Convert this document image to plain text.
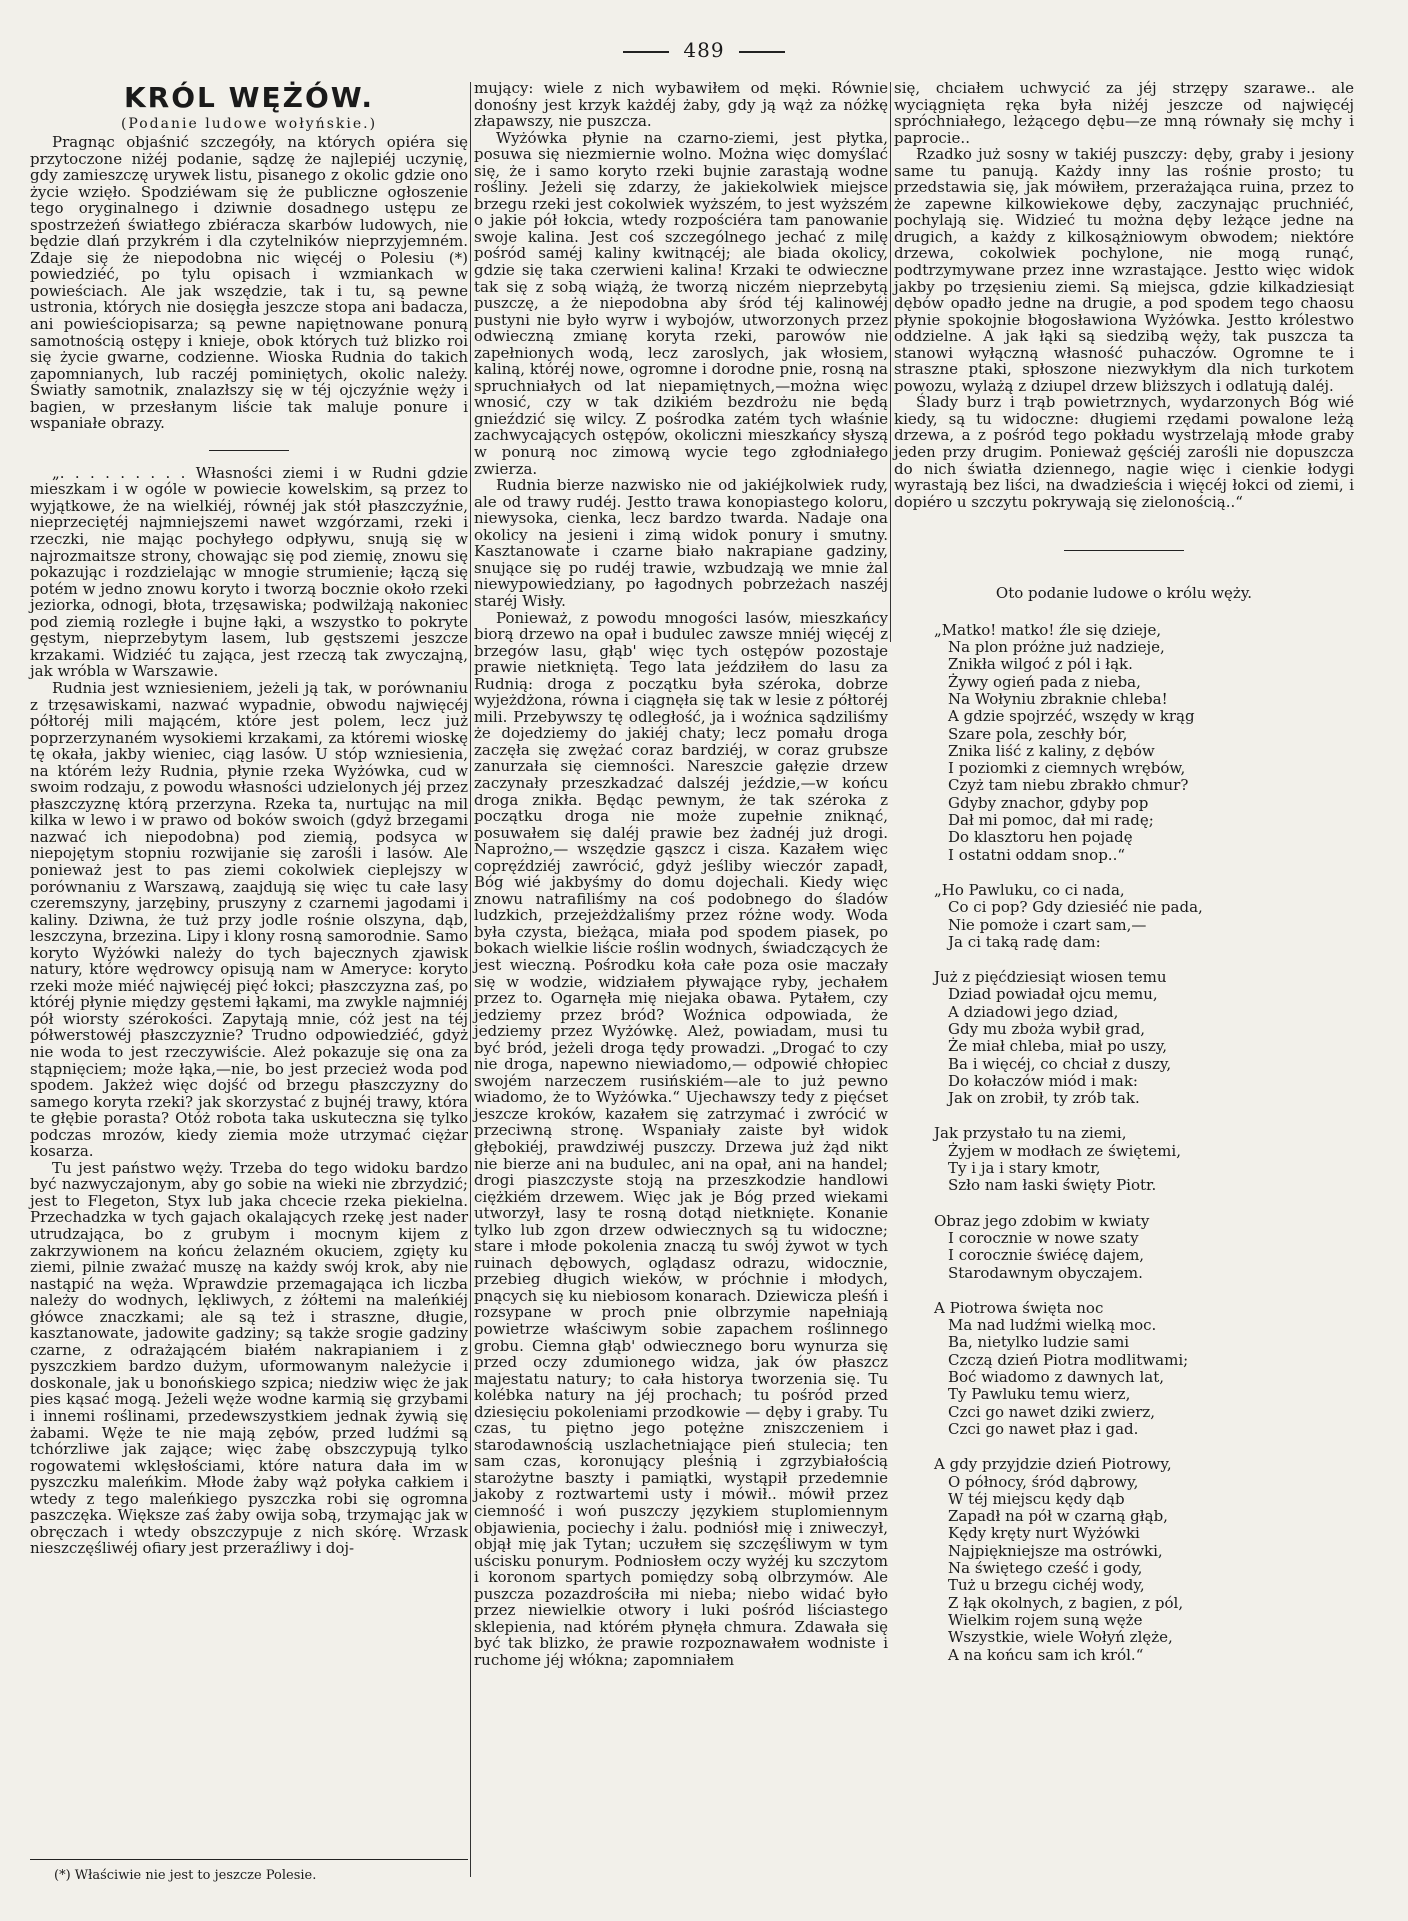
489
KRÓL WĘŻÓW.
(Podanie ludowe wołyńskie.)

Pragnąc objaśnić szczegóły, na których opiéra się przytoczone niżéj podanie, sądzę że najlepiéj uczynię, gdy zamieszczę urywek listu, pisanego z okolic gdzie ono życie wzięło. Spodziéwam się że publiczne ogłoszenie tego oryginalnego i dziwnie dosadnego ustępu ze spostrzeżeń światłego zbiéracza skarbów ludowych, nie będzie dlań przykrém i dla czytelników nieprzyjemném. Zdaje się że niepodobna nic więcéj o Polesiu (*) powiedziéć, po tylu opisach i wzmiankach w powieściach. Ale jak wszędzie, tak i tu, są pewne ustronia, których nie dosięgła jeszcze stopa ani badacza, ani powieściopisarza; są pewne napiętnowane ponurą samotnością ostępy i knieje, obok których tuż blizko roi się życie gwarne, codzienne. Wioska Rudnia do takich zapomnianych, lub raczéj pominiętych, okolic należy. Światły samotnik, znalazłszy się w téj ojczyźnie węży i bagien, w przesłanym liście tak maluje ponure i wspaniałe obrazy.

„. . . . . . . . . Własności ziemi i w Rudni gdzie mieszkam i w ogóle w powiecie kowelskim, są przez to wyjątkowe, że na wielkiéj, równéj jak stół płaszczyźnie, nieprzeciętéj najmniejszemi nawet wzgórzami, rzeki i rzeczki, nie mając pochyłego odpływu, snują się w najrozmaitsze strony, chowając się pod ziemię, znowu się pokazując i rozdzielając w mnogie strumienie; łączą się potém w jedno znowu koryto i tworzą bocznie około rzeki jeziorka, odnogi, błota, trzęsawiska; podwilżają nakoniec pod ziemią rozległe i bujne łąki, a wszystko to pokryte gęstym, nieprzebytym lasem, lub gęstszemi jeszcze krzakami. Widziéć tu zająca, jest rzeczą tak zwyczajną, jak wróbla w Warszawie.

Rudnia jest wzniesieniem, jeżeli ją tak, w porównaniu z trzęsawiskami, nazwać wypadnie, obwodu najwięcéj półtoréj mili mającém, które jest polem, lecz już poprzerzynaném wysokiemi krzakami, za któremi wioskę tę okała, jakby wieniec, ciąg lasów. U stóp wzniesienia, na którém leży Rudnia, płynie rzeka Wyżówka, cud w swoim rodzaju, z powodu własności udzielonych jéj przez płaszczyznę którą przerzyna. Rzeka ta, nurtując na mil kilka w lewo i w prawo od boków swoich (gdyż brzegami nazwać ich niepodobna) pod ziemią, podsyca w niepojętym stopniu rozwijanie się zarośli i lasów. Ale ponieważ jest to pas ziemi cokolwiek cieplejszy w porównaniu z Warszawą, zaajdują się więc tu całe lasy czeremszyny, jarzębiny, pruszyny z czarnemi jagodami i kaliny. Dziwna, że tuż przy jodle rośnie olszyna, dąb, leszczyna, brzezina. Lipy i klony rosną samorodnie. Samo koryto Wyżówki należy do tych bajecznych zjawisk natury, które wędrowcy opisują nam w Ameryce: koryto rzeki może miéć najwięcéj pięć łokci; płaszczyzna zaś, po któréj płynie między gęstemi łąkami, ma zwykle najmniéj pół wiorsty szérokości. Zapytają mnie, cóż jest na téj półwerstowéj płaszczyznie? Trudno odpowiedziéć, gdyż nie woda to jest rzeczywiście. Alеż pokazuje się ona za stąpnięciem; może łąka,—nie, bo jest przecież woda pod spodem. Jakżeż więc dojść od brzegu płaszczyzny do samego koryta rzeki? jak skorzystać z bujnéj trawy, która te głębie porasta? Otóż robota taka uskuteczna się tylko podczas mrozów, kiedy ziemia może utrzymać ciężar kosarza.

Tu jest państwo węży. Trzeba do tego widoku bardzo być nazwyczajonym, aby go sobie na wieki nie zbrzydzić; jest to Flegeton, Styx lub jaka chcecie rzeka piekielna. Przechadzka w tych gajach okalających rzekę jest nader utrudzająca, bo z grubym i mocnym kijem z zakrzywionem na końcu żelazném okuciem, zgięty ku ziemi, pilnie zważać muszę na każdy swój krok, aby nie nastąpić na węża. Wprawdzie przemagająca ich liczba należy do wodnych, lękliwych, z żółtemi na maleńkiéj główce znaczkami; ale są też i straszne, długie, kasztanowate, jadowite gadziny; są także srogie gadziny czarne, z odrażającém białém nakrapianiem i z pyszczkiem bardzo dużym, uformowanym należycie i doskonale, jak u bonońskiego szpica; niedziw więc że jak pies kąsać mogą. Jeżeli węże wodne karmią się grzybami i innemi roślinami, przedewszystkiem jednak żywią się żabami. Węże te nie mają zębów, przed ludźmi są tchórzliwe jak zające; więc żabę obszczypują tylko rogowatemi wklęsłościami, które natura dała im w pyszczku maleńkim. Młode żaby wąż połyka całkiem i wtedy z tego maleńkiego pyszczka robi się ogromna paszczęka. Większe zaś żaby owija sobą, trzymając jak w obręczach i wtedy obszczypuje z nich skórę. Wrzask nieszczęśliwéj ofiary jest przeraźliwy i doj-

mujący: wiele z nich wybawiłem od męki. Równie donośny jest krzyk każdéj żaby, gdy ją wąż za nóżkę złapawszy, nie puszcza.

Wyżówka płynie na czarno-ziemi, jest płytka, posuwa się niezmiernie wolno. Można więc domyślać się, że i samo koryto rzeki bujnie zarastają wodne rośliny. Jeżeli się zdarzy, że jakiekolwiek miejsce brzegu rzeki jest cokolwiek wyższém, to jest wyższém o jakie pół łokcia, wtedy rozpościéra tam panowanie swoje kalina. Jest coś szczególnego jechać z milę pośród saméj kaliny kwitnącéj; ale biada okolicy, gdzie się taka czerwieni kalina! Krzaki te odwieczne tak się z sobą wiążą, że tworzą niczém nieprzebytą puszczę, a że niepodobna aby śród téj kalinowéj pustyni nie było wyrw i wybojów, utworzonych przez odwieczną zmianę koryta rzeki, parowów nie zapełnionych wodą, lecz zaroslych, jak włosiem, kaliną, któréj nowe, ogromne i dorodne pnie, rosną na spruchniałych od lat niepamiętnych,—można więc wnosić, czy w tak dzikiém bezdrożu nie będą gnieździć się wilcy. Z pośrodka zatém tych właśnie zachwycających ostępów, okoliczni mieszkańcy słyszą w ponurą noc zimową wycie tego zgłodniałego zwierza.

Rudnia bierze nazwisko nie od jakiéjkolwiek rudy, ale od trawy rudéj. Jestto trawa konopiastego koloru, niewysoka, cienka, lecz bardzo twarda. Nadaje ona okolicy na jesieni i zimą widok ponury i smutny. Kasztanowate i czarne biało nakrapiane gadziny, snujące się po rudéj trawie, wzbudzają we mnie żal niewypowiedziany, po łagodnych pobrzeżach naszéj staréj Wisły.

Ponieważ, z powodu mnogości lasów, mieszkańcy biorą drzewo na opał i budulec zawsze mniéj więcéj z brzegów lasu, głąb' więc tych ostępów pozostaje prawie nietkniętą. Tego lata jeździłem do lasu za Rudnią: droga z początku była széroka, dobrze wyjeżdżona, równa i ciągnęła się tak w lesie z półtoréj mili. Przebywszy tę odległość, ja i woźnica sądziliśmy że dojedziemy do jakiéj chaty; lecz pomału droga zaczęła się zwężać coraz bardziéj, w coraz grubsze zanurzała się ciemności. Nareszcie gałęzie drzew zaczynały przeszkadzać dalszéj jeździe,—w końcu droga znikła. Będąc pewnym, że tak széroka z początku droga nie może zupełnie zniknąć, posuwałem się daléj prawie bez żadnéj już drogi. Naprożno,— wszędzie gąszcz i cisza. Kazałem więc copręździéj zawrócić, gdyż jeśliby wieczór zapadł, Bóg wié jakbyśmy do domu dojechali. Kiedy więc znowu natrafiliśmy na coś podobnego do śladów ludzkich, przejeżdżaliśmy przez różne wody. Woda była czysta, bieżąca, miała pod spodem piasek, po bokach wielkie liście roślin wodnych, świadczących że jest wieczną. Pośrodku koła całe poza osie maczały się w wodzie, widziałem pływające ryby, jechałem przez to. Ogarnęła mię niejaka obawa. Pytałem, czy jedziemy przez bród? Woźnica odpowiada, że jedziemy przez Wyżówkę. Alеż, powiadam, musi tu być bród, jeżeli droga tędy prowadzi. „Drogać to czy nie droga, napewno niewiadomo,— odpowié chłopiec swojém narzeczem rusińskiém—ale to już pewno wiadomo, że to Wyżówka.“ Ujechawszy tedy z pięćset jeszcze kroków, kazałem się zatrzymać i zwrócić w przeciwną stronę. Wspaniały zaiste był widok głębokiéj, prawdziwéj puszczy. Drzewa już żąd nikt nie bierze ani na budulec, ani na opał, ani na handel; drogi piaszczyste stoją na przeszkodzie handlowi ciężkiém drzewem. Więc jak je Bóg przed wiekami utworzył, lasy te rosną dotąd nietknięte. Konanie tylko lub zgon drzew odwiecznych są tu widoczne; stare i młode pokolenia znaczą tu swój żywot w tych ruinach dębowych, oglądasz odrazu, widocznie, przebieg długich wieków, w próchnie i młodych, pnących się ku niebiosom konarach. Dziewicza pleśń i rozsypane w proch pnie olbrzymie napełniają powietrze właściwym sobie zapachem roślinnego grobu. Ciemna głąb' odwiecznego boru wynurza się przed oczy zdumionego widza, jak ów płaszcz majestatu natury; to cała historya tworzenia się. Tu kolébka natury na jéj prochach; tu pośród przed dziesięciu pokoleniami przodkowie — dęby i graby. Tu czas, tu piętno jego potężne zniszczeniem i starodawnością uszlachetniające pień stulecia; ten sam czas, koronujący pleśnią i zgrzybiałością starożytne baszty i pamiątki, wystąpił przedemnie jakoby z roztwartemi usty i mówił.. mówił przez ciemność i woń puszczy językiem stuplomiennym objawienia, pociechy i żalu. podniósł mię i zniweczył, objął mię jak Tytan; uczułem się szczęśliwym w tym uścisku ponurym. Podniosłem oczy wyżéj ku szczytom i koronom spartych pomiędzy sobą olbrzymów. Ale puszcza pozazdrościła mi nieba; niebo widać było przez niewielkie otwory i luki pośród liściastego sklepienia, nad którém płynęła chmura. Zdawała się być tak blizko, że prawie rozpoznawałem wodniste i ruchome jéj włókna; zapomniałem

się, chciałem uchwycić za jéj strzępy szarawe.. ale wyciągnięta ręka była niżéj jeszcze od najwięcéj spróchniałego, leżącego dębu—ze mną równały się mchy i paprocie..

Rzadko już sosny w takiéj puszczy: dęby, graby i jesiony same tu panują. Każdy inny las rośnie prosto; tu przedstawia się, jak mówiłem, przerażająca ruina, przez to że zapewne kilkowiekowe dęby, zaczynając pruchniéć, pochylają się. Widzieć tu można dęby leżące jedne na drugich, a każdy z kilkosążniowym obwodem; niektóre drzewa, cokolwiek pochylone, nie mogą runąć, podtrzymywane przez inne wzrastające. Jestto więc widok jakby po trzęsieniu ziemi. Są miejsca, gdzie kilkadziesiąt dębów opadło jedne na drugie, a pod spodem tego chaosu płynie spokojnie błogosławiona Wyżówka. Jestto królestwo oddzielne. A jak łąki są siedzibą węży, tak puszcza ta stanowi wyłączną własność puhaczów. Ogromne te i straszne ptaki, spłoszone niezwykłym dla nich turkotem powozu, wylażą z dziupel drzew bliższych i odlatują daléj.

Ślady burz i trąb powietrznych, wydarzonych Bóg wié kiedy, są tu widoczne: długiemi rzędami powalone leżą drzewa, a z pośród tego pokładu wystrzelają młode graby jeden przy drugim. Ponieważ gęściéj zarośli nie dopuszcza do nich światła dziennego, nagie więc i cienkie łodygi wyrastają bez liści, na dwadzieścia i więcéj łokci od ziemi, i dopiéro u szczytu pokrywają się zielonością..“

Oto podanie ludowe o królu węży.
„Matko! matko! źle się dzieje,
Na plon próżne już nadzieje,
Znikła wilgoć z pól i łąk.
Żywy ogień pada z nieba,
Na Wołyniu zbraknie chleba!
A gdzie spojrzéć, wszędy w krąg
Szare pola, zeschły bór,
Znika liść z kaliny, z dębów
I poziomki z ciemnych wrębów,
Czyż tam niebu zbrakło chmur?
Gdyby znachor, gdyby pop
Dał mi pomoc, dał mi radę;
Do klasztoru hen pojadę
I ostatni oddam snop..“
„Ho Pawluku, co ci nada,
Co ci pop? Gdy dziesiéć nie pada,
Nie pomoże i czart sam,—
Ja ci taką radę dam:
Już z pięćdziesiąt wiosen temu
Dziad powiadał ojcu memu,
A dziadowi jego dziad,
Gdy mu zboża wybił grad,
Że miał chleba, miał po uszy,
Ba i więcéj, co chciał z duszy,
Do kołaczów miód i mak:
Jak on zrobił, ty zrób tak.
Jak przystało tu na ziemi,
Żyjem w modłach ze świętemi,
Ty i ja i stary kmotr,
Szło nam łaski święty Piotr.
Obraz jego zdobim w kwiaty
I corocznie w nowe szaty
I corocznie świécę dajem,
Starodawnym obyczajem.
A Piotrowa święta noc
Ma nad ludźmi wielką moc.
Ba, nietylko ludzie sami
Czczą dzień Piotra modlitwami;
Boć wiadomo z dawnych lat,
Ty Pawluku temu wierz,
Czci go nawet dziki zwierz,
Czci go nawet płaz i gad.
A gdy przyjdzie dzień Piotrowy,
O północy, śród dąbrowy,
W téj miejscu kędy dąb
Zapadł na pół w czarną głąb,
Kędy kręty nurt Wyżówki
Najpiękniejsze ma ostrówki,
Na świętego cześć i gody,
Tuż u brzegu cichéj wody,
Z łąk okolnych, z bagien, z pól,
Wielkim rojem suną węże
Wszystkie, wiele Wołyń zlęże,
A na końcu sam ich król.“
(*) Właściwie nie jest to jeszcze Polesie.
